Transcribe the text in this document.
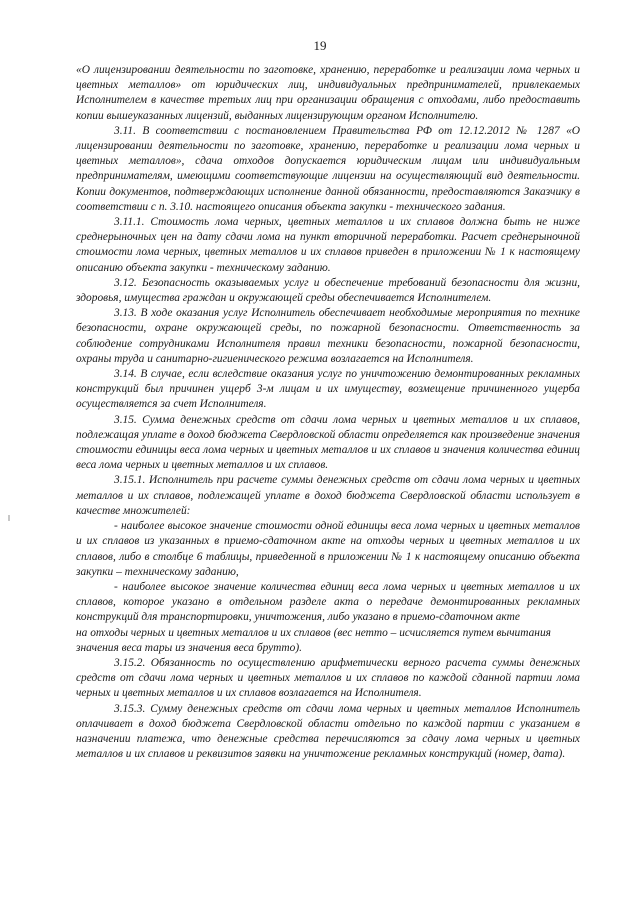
19

«О лицензировании деятельности по заготовке, хранению, переработке и реализации лома черных и цветных металлов» от юридических лиц, индивидуальных предпринимателей, привлекаемых Исполнителем в качестве третьих лиц при организации обращения с отходами, либо предоставить копии вышеуказанных лицензий, выданных лицензирующим органом Исполнителю.

3.11. В соответствии с постановлением Правительства РФ от 12.12.2012 № 1287 «О лицензировании деятельности по заготовке, хранению, переработке и реализации лома черных и цветных металлов», сдача отходов допускается юридическим лицам или индивидуальным предпринимателям, имеющими соответствующие лицензии на осуществляющий вид деятельности. Копии документов, подтверждающих исполнение данной обязанности, предоставляются Заказчику в соответствии с п. 3.10. настоящего описания объекта закупки - технического задания.

3.11.1. Стоимость лома черных, цветных металлов и их сплавов должна быть не ниже среднерыночных цен на дату сдачи лома на пункт вторичной переработки. Расчет среднерыночной стоимости лома черных, цветных металлов и их сплавов приведен в приложении № 1 к настоящему описанию объекта закупки - техническому заданию.

3.12. Безопасность оказываемых услуг и обеспечение требований безопасности для жизни, здоровья, имущества граждан и окружающей среды обеспечивается Исполнителем.

3.13. В ходе оказания услуг Исполнитель обеспечивает необходимые мероприятия по технике безопасности, охране окружающей среды, по пожарной безопасности. Ответственность за соблюдение сотрудниками Исполнителя правил техники безопасности, пожарной безопасности, охраны труда и санитарно-гигиенического режима возлагается на Исполнителя.

3.14. В случае, если вследствие оказания услуг по уничтожению демонтированных рекламных конструкций был причинен ущерб 3-м лицам и их имуществу, возмещение причиненного ущерба осуществляется за счет Исполнителя.

3.15. Сумма денежных средств от сдачи лома черных и цветных металлов и их сплавов, подлежащая уплате в доход бюджета Свердловской области определяется как произведение значения стоимости единицы веса лома черных и цветных металлов и их сплавов и значения количества единиц веса лома черных и цветных металлов и их сплавов.

3.15.1. Исполнитель при расчете суммы денежных средств от сдачи лома черных и цветных металлов и их сплавов, подлежащей уплате в доход бюджета Свердловской области использует в качестве множителей:

- наиболее высокое значение стоимости одной единицы веса лома черных и цветных металлов и их сплавов из указанных в приемо-сдаточном акте на отходы черных и цветных металлов и их сплавов, либо в столбце 6 таблицы, приведенной в приложении № 1 к настоящему описанию объекта закупки – техническому заданию,

- наиболее высокое значение количества единиц веса лома черных и цветных металлов и их сплавов, которое указано в отдельном разделе акта о передаче демонтированных рекламных конструкций для транспортировки, уничтожения, либо указано в приемо-сдаточном акте

на отходы черных и цветных металлов и их сплавов (вес нетто – исчисляется путем вычитания значения веса тары из значения веса брутто).

3.15.2. Обязанность по осуществлению арифметически верного расчета суммы денежных средств от сдачи лома черных и цветных металлов и их сплавов по каждой сданной партии лома черных и цветных металлов и их сплавов возлагается на Исполнителя.

3.15.3. Сумму денежных средств от сдачи лома черных и цветных металлов Исполнитель оплачивает в доход бюджета Свердловской области отдельно по каждой партии с указанием в назначении платежа, что денежные средства перечисляются за сдачу лома черных и цветных металлов и их сплавов и реквизитов заявки на уничтожение рекламных конструкций (номер, дата).
